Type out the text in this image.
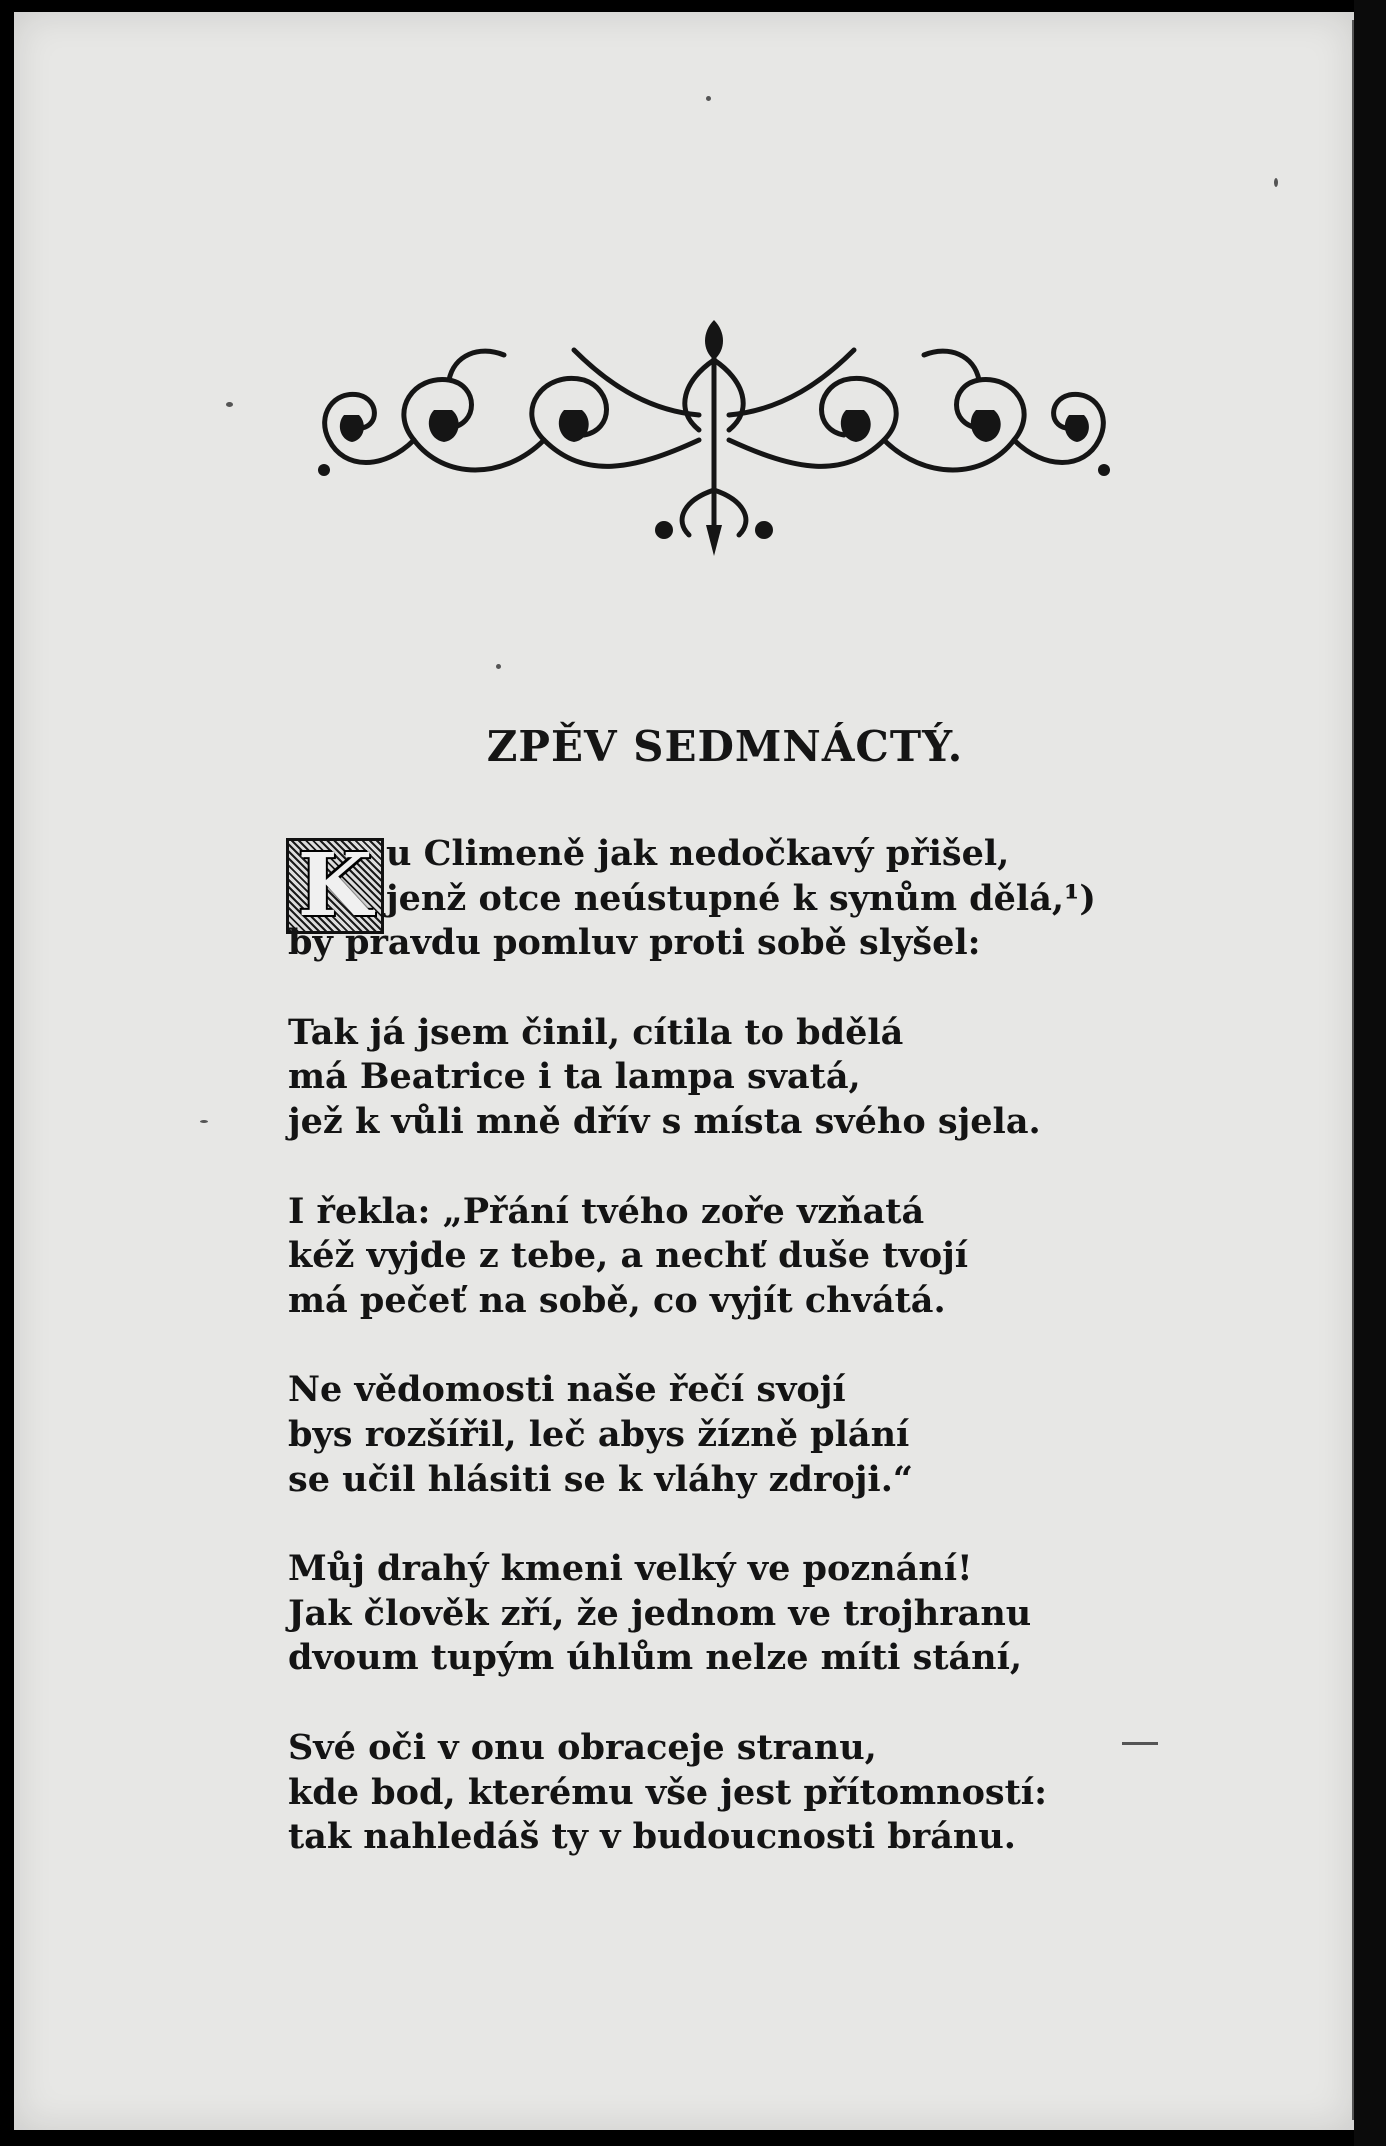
ZPĚV SEDMNÁCTÝ.
K u Climeně jak nedočkavý přišel,
jenž otce neústupné k synům dělá,¹)
by pravdu pomluv proti sobě slyšel:
Tak já jsem činil, cítila to bdělá
má Beatrice i ta lampa svatá,
jež k vůli mně dřív s místa svého sjela.
I řekla: „Přání tvého zoře vzňatá
kéž vyjde z tebe, a nechť duše tvojí
má pečeť na sobě, co vyjít chvátá.
Ne vědomosti naše řečí svojí
bys rozšířil, leč abys žízně plání
se učil hlásiti se k vláhy zdroji.“
Můj drahý kmeni velký ve poznání!
Jak člověk zří, že jednom ve trojhranu
dvoum tupým úhlům nelze míti stání,
Své oči v onu obraceje stranu,
kde bod, kterému vše jest přítomností:
tak nahledáš ty v budoucnosti bránu.
